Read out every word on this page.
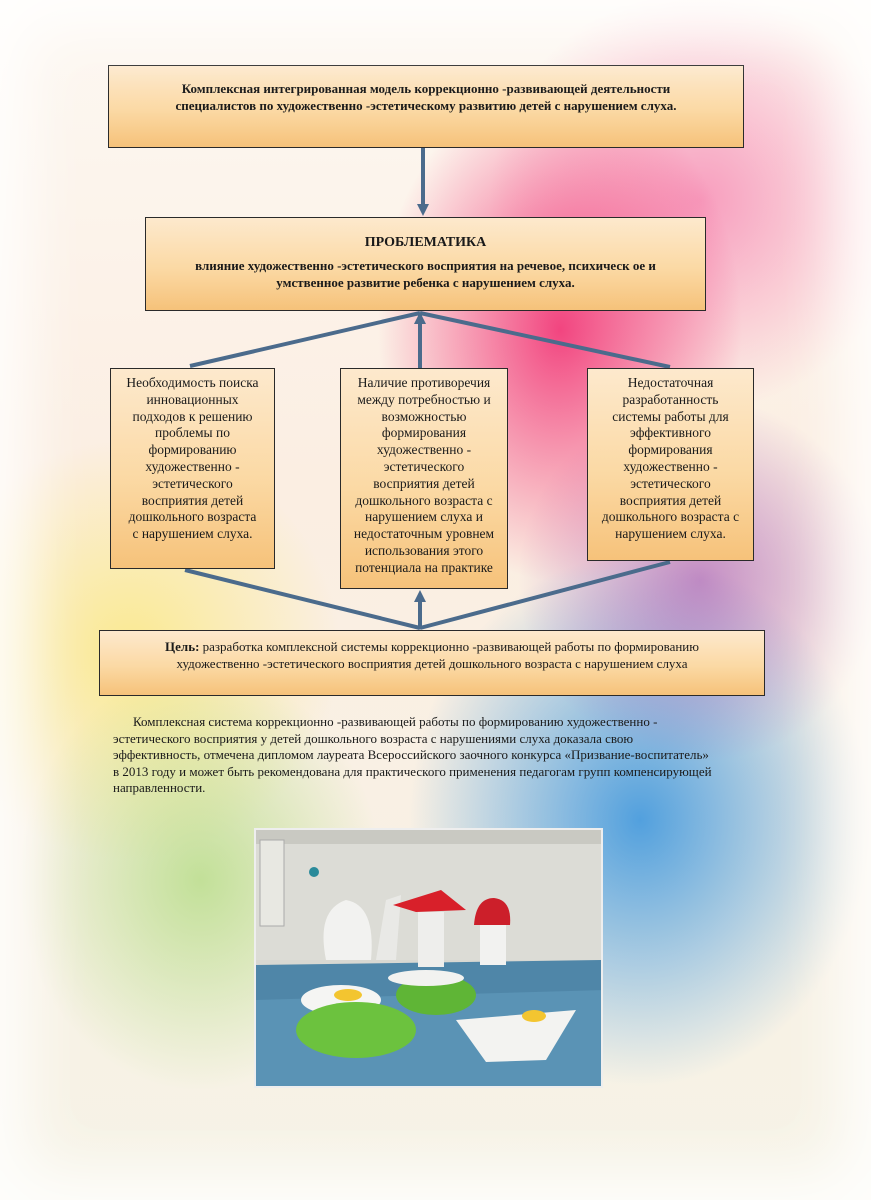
Комплексная интегрированная модель коррекционно -развивающей деятельности
специалистов по художественно -эстетическому развитию детей с нарушением слуха.
ПРОБЛЕМАТИКА
влияние художественно -эстетического восприятия на речевое, психическ ое и
умственное развитие ребенка с нарушением слуха.
Необходимость поиска
инновационных
подходов к решению
проблемы по
формированию
художественно -
эстетического
восприятия детей
дошкольного возраста
с нарушением слуха.
Наличие противоречия
между потребностью и
возможностью
формирования
художественно -
эстетического
восприятия детей
дошкольного возраста с
нарушением слуха и
недостаточным уровнем
использования этого
потенциала на практике
Недостаточная
разработанность
системы работы для
эффективного
формирования
художественно -
эстетического
восприятия детей
дошкольного возраста с
нарушением слуха.
Цель: разработка комплексной системы коррекционно -развивающей работы по формированию
художественно -эстетического восприятия детей дошкольного возраста с нарушением слуха
Комплексная система коррекционно -развивающей работы по формированию художественно -
эстетического восприятия у детей дошкольного возраста с нарушениями слуха доказала свою
эффективность, отмечена дипломом лауреата Всероссийского заочного конкурса «Призвание-воспитатель»
в 2013 году и может быть рекомендована для практического применения педагогам групп компенсирующей
направленности.
